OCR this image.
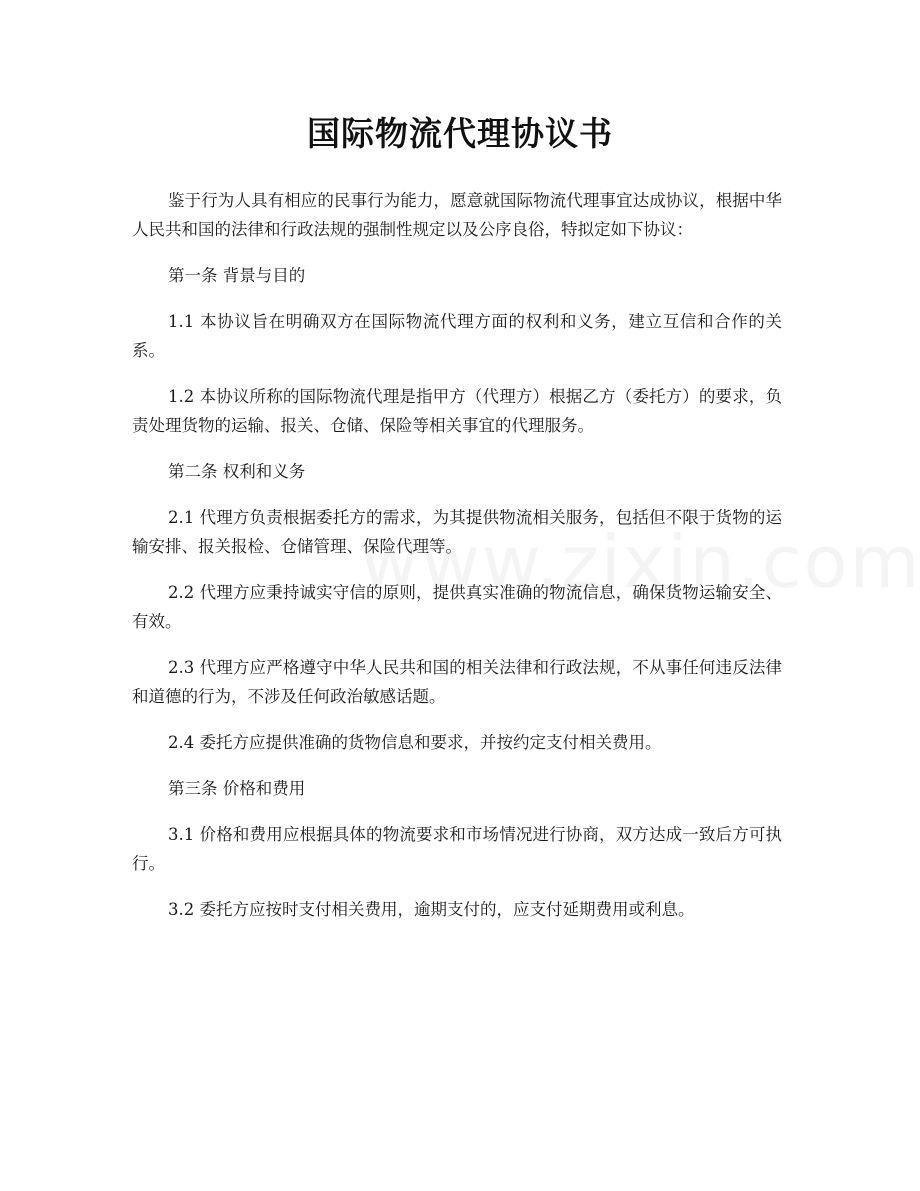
国际物流代理协议书

鉴于行为人具有相应的民事行为能力，愿意就国际物流代理事宜达成协议，根据中华人民共和国的法律和行政法规的强制性规定以及公序良俗，特拟定如下协议：

第一条 背景与目的

1.1 本协议旨在明确双方在国际物流代理方面的权利和义务，建立互信和合作的关系。

1.2 本协议所称的国际物流代理是指甲方（代理方）根据乙方（委托方）的要求，负责处理货物的运输、报关、仓储、保险等相关事宜的代理服务。

第二条 权利和义务

2.1 代理方负责根据委托方的需求，为其提供物流相关服务，包括但不限于货物的运输安排、报关报检、仓储管理、保险代理等。

2.2 代理方应秉持诚实守信的原则，提供真实准确的物流信息，确保货物运输安全、有效。

2.3 代理方应严格遵守中华人民共和国的相关法律和行政法规，不从事任何违反法律和道德的行为，不涉及任何政治敏感话题。

2.4 委托方应提供准确的货物信息和要求，并按约定支付相关费用。

第三条 价格和费用

3.1 价格和费用应根据具体的物流要求和市场情况进行协商，双方达成一致后方可执行。

3.2 委托方应按时支付相关费用，逾期支付的，应支付延期费用或利息。
